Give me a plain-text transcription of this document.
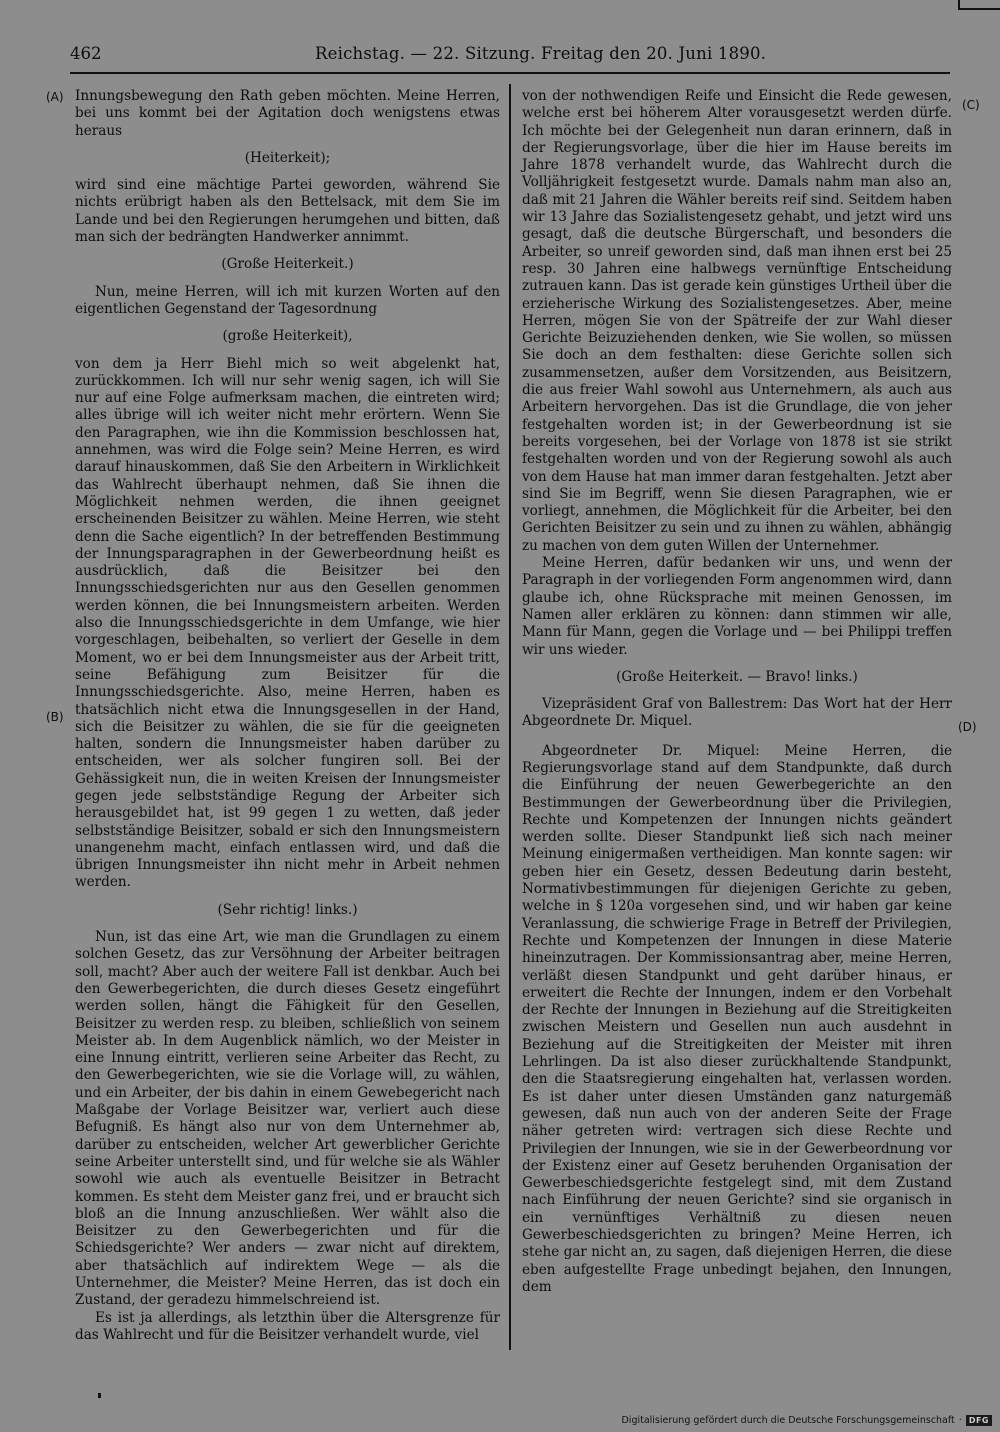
462	Reichstag. — 22. Sitzung. Freitag den 20. Juni 1890.
(A)
(B)
(C)
(D)

Innungsbewegung den Rath geben möchten. Meine Herren, bei uns kommt bei der Agitation doch wenigstens etwas heraus

(Heiterkeit);

wird sind eine mächtige Partei geworden, während Sie nichts erübrigt haben als den Bettelsack, mit dem Sie im Lande und bei den Regierungen herumgehen und bitten, daß man sich der bedrängten Handwerker annimmt.

(Große Heiterkeit.)

Nun, meine Herren, will ich mit kurzen Worten auf den eigentlichen Gegenstand der Tagesordnung

(große Heiterkeit),

von dem ja Herr Biehl mich so weit abgelenkt hat, zurückkommen. Ich will nur sehr wenig sagen, ich will Sie nur auf eine Folge aufmerksam machen, die eintreten wird; alles übrige will ich weiter nicht mehr erörtern. Wenn Sie den Paragraphen, wie ihn die Kommission beschlossen hat, annehmen, was wird die Folge sein? Meine Herren, es wird darauf hinauskommen, daß Sie den Arbeitern in Wirklichkeit das Wahlrecht überhaupt nehmen, daß Sie ihnen die Möglichkeit nehmen werden, die ihnen geeignet erscheinenden Beisitzer zu wählen. Meine Herren, wie steht denn die Sache eigentlich? In der betreffenden Bestimmung der Innungsparagraphen in der Gewerbeordnung heißt es ausdrücklich, daß die Beisitzer bei den Innungsschiedsgerichten nur aus den Gesellen genommen werden können, die bei Innungsmeistern arbeiten. Werden also die Innungsschiedsgerichte in dem Umfange, wie hier vorgeschlagen, beibehalten, so verliert der Geselle in dem Moment, wo er bei dem Innungsmeister aus der Arbeit tritt, seine Befähigung zum Beisitzer für die Innungsschiedsgerichte. Also, meine Herren, haben es thatsächlich nicht etwa die Innungsgesellen in der Hand, sich die Beisitzer zu wählen, die sie für die geeigneten halten, sondern die Innungsmeister haben darüber zu entscheiden, wer als solcher fungiren soll. Bei der Gehässigkeit nun, die in weiten Kreisen der Innungsmeister gegen jede selbstständige Regung der Arbeiter sich herausgebildet hat, ist 99 gegen 1 zu wetten, daß jeder selbstständige Beisitzer, sobald er sich den Innungsmeistern unangenehm macht, einfach entlassen wird, und daß die übrigen Innungsmeister ihn nicht mehr in Arbeit nehmen werden.

(Sehr richtig! links.)

Nun, ist das eine Art, wie man die Grundlagen zu einem solchen Gesetz, das zur Versöhnung der Arbeiter beitragen soll, macht? Aber auch der weitere Fall ist denkbar. Auch bei den Gewerbegerichten, die durch dieses Gesetz eingeführt werden sollen, hängt die Fähigkeit für den Gesellen, Beisitzer zu werden resp. zu bleiben, schließlich von seinem Meister ab. In dem Augenblick nämlich, wo der Meister in eine Innung eintritt, verlieren seine Arbeiter das Recht, zu den Gewerbegerichten, wie sie die Vorlage will, zu wählen, und ein Arbeiter, der bis dahin in einem Gewebegericht nach Maßgabe der Vorlage Beisitzer war, verliert auch diese Befugniß. Es hängt also nur von dem Unternehmer ab, darüber zu entscheiden, welcher Art gewerblicher Gerichte seine Arbeiter unterstellt sind, und für welche sie als Wähler sowohl wie auch als eventuelle Beisitzer in Betracht kommen. Es steht dem Meister ganz frei, und er braucht sich bloß an die Innung anzuschließen. Wer wählt also die Beisitzer zu den Gewerbegerichten und für die Schiedsgerichte? Wer anders — zwar nicht auf direktem, aber thatsächlich auf indirektem Wege — als die Unternehmer, die Meister? Meine Herren, das ist doch ein Zustand, der geradezu himmelschreiend ist.

Es ist ja allerdings, als letzthin über die Altersgrenze für das Wahlrecht und für die Beisitzer verhandelt wurde, viel

von der nothwendigen Reife und Einsicht die Rede gewesen, welche erst bei höherem Alter vorausgesetzt werden dürfe. Ich möchte bei der Gelegenheit nun daran erinnern, daß in der Regierungsvorlage, über die hier im Hause bereits im Jahre 1878 verhandelt wurde, das Wahlrecht durch die Volljährigkeit festgesetzt wurde. Damals nahm man also an, daß mit 21 Jahren die Wähler bereits reif sind. Seitdem haben wir 13 Jahre das Sozialistengesetz gehabt, und jetzt wird uns gesagt, daß die deutsche Bürgerschaft, und besonders die Arbeiter, so unreif geworden sind, daß man ihnen erst bei 25 resp. 30 Jahren eine halbwegs vernünftige Entscheidung zutrauen kann. Das ist gerade kein günstiges Urtheil über die erzieherische Wirkung des Sozialistengesetzes. Aber, meine Herren, mögen Sie von der Spätreife der zur Wahl dieser Gerichte Beizuziehenden denken, wie Sie wollen, so müssen Sie doch an dem festhalten: diese Gerichte sollen sich zusammensetzen, außer dem Vorsitzenden, aus Beisitzern, die aus freier Wahl sowohl aus Unternehmern, als auch aus Arbeitern hervorgehen. Das ist die Grundlage, die von jeher festgehalten worden ist; in der Gewerbeordnung ist sie bereits vorgesehen, bei der Vorlage von 1878 ist sie strikt festgehalten worden und von der Regierung sowohl als auch von dem Hause hat man immer daran festgehalten. Jetzt aber sind Sie im Begriff, wenn Sie diesen Paragraphen, wie er vorliegt, annehmen, die Möglichkeit für die Arbeiter, bei den Gerichten Beisitzer zu sein und zu ihnen zu wählen, abhängig zu machen von dem guten Willen der Unternehmer.

Meine Herren, dafür bedanken wir uns, und wenn der Paragraph in der vorliegenden Form angenommen wird, dann glaube ich, ohne Rücksprache mit meinen Genossen, im Namen aller erklären zu können: dann stimmen wir alle, Mann für Mann, gegen die Vorlage und — bei Philippi treffen wir uns wieder.

(Große Heiterkeit. — Bravo! links.)

Vizepräsident Graf von Ballestrem: Das Wort hat der Herr Abgeordnete Dr. Miquel.

Abgeordneter Dr. Miquel: Meine Herren, die Regierungsvorlage stand auf dem Standpunkte, daß durch die Einführung der neuen Gewerbegerichte an den Bestimmungen der Gewerbeordnung über die Privilegien, Rechte und Kompetenzen der Innungen nichts geändert werden sollte. Dieser Standpunkt ließ sich nach meiner Meinung einigermaßen vertheidigen. Man konnte sagen: wir geben hier ein Gesetz, dessen Bedeutung darin besteht, Normativbestimmungen für diejenigen Gerichte zu geben, welche in § 120a vorgesehen sind, und wir haben gar keine Veranlassung, die schwierige Frage in Betreff der Privilegien, Rechte und Kompetenzen der Innungen in diese Materie hineinzutragen. Der Kommissionsantrag aber, meine Herren, verläßt diesen Standpunkt und geht darüber hinaus, er erweitert die Rechte der Innungen, indem er den Vorbehalt der Rechte der Innungen in Beziehung auf die Streitigkeiten zwischen Meistern und Gesellen nun auch ausdehnt in Beziehung auf die Streitigkeiten der Meister mit ihren Lehrlingen. Da ist also dieser zurückhaltende Standpunkt, den die Staatsregierung eingehalten hat, verlassen worden. Es ist daher unter diesen Umständen ganz naturgemäß gewesen, daß nun auch von der anderen Seite der Frage näher getreten wird: vertragen sich diese Rechte und Privilegien der Innungen, wie sie in der Gewerbeordnung vor der Existenz einer auf Gesetz beruhenden Organisation der Gewerbeschiedsgerichte festgelegt sind, mit dem Zustand nach Einführung der neuen Gerichte? sind sie organisch in ein vernünftiges Verhältniß zu diesen neuen Gewerbeschiedsgerichten zu bringen? Meine Herren, ich stehe gar nicht an, zu sagen, daß diejenigen Herren, die diese eben aufgestellte Frage unbedingt bejahen, den Innungen, dem

Digitalisierung gefördert durch die Deutsche Forschungsgemeinschaft · DFG
